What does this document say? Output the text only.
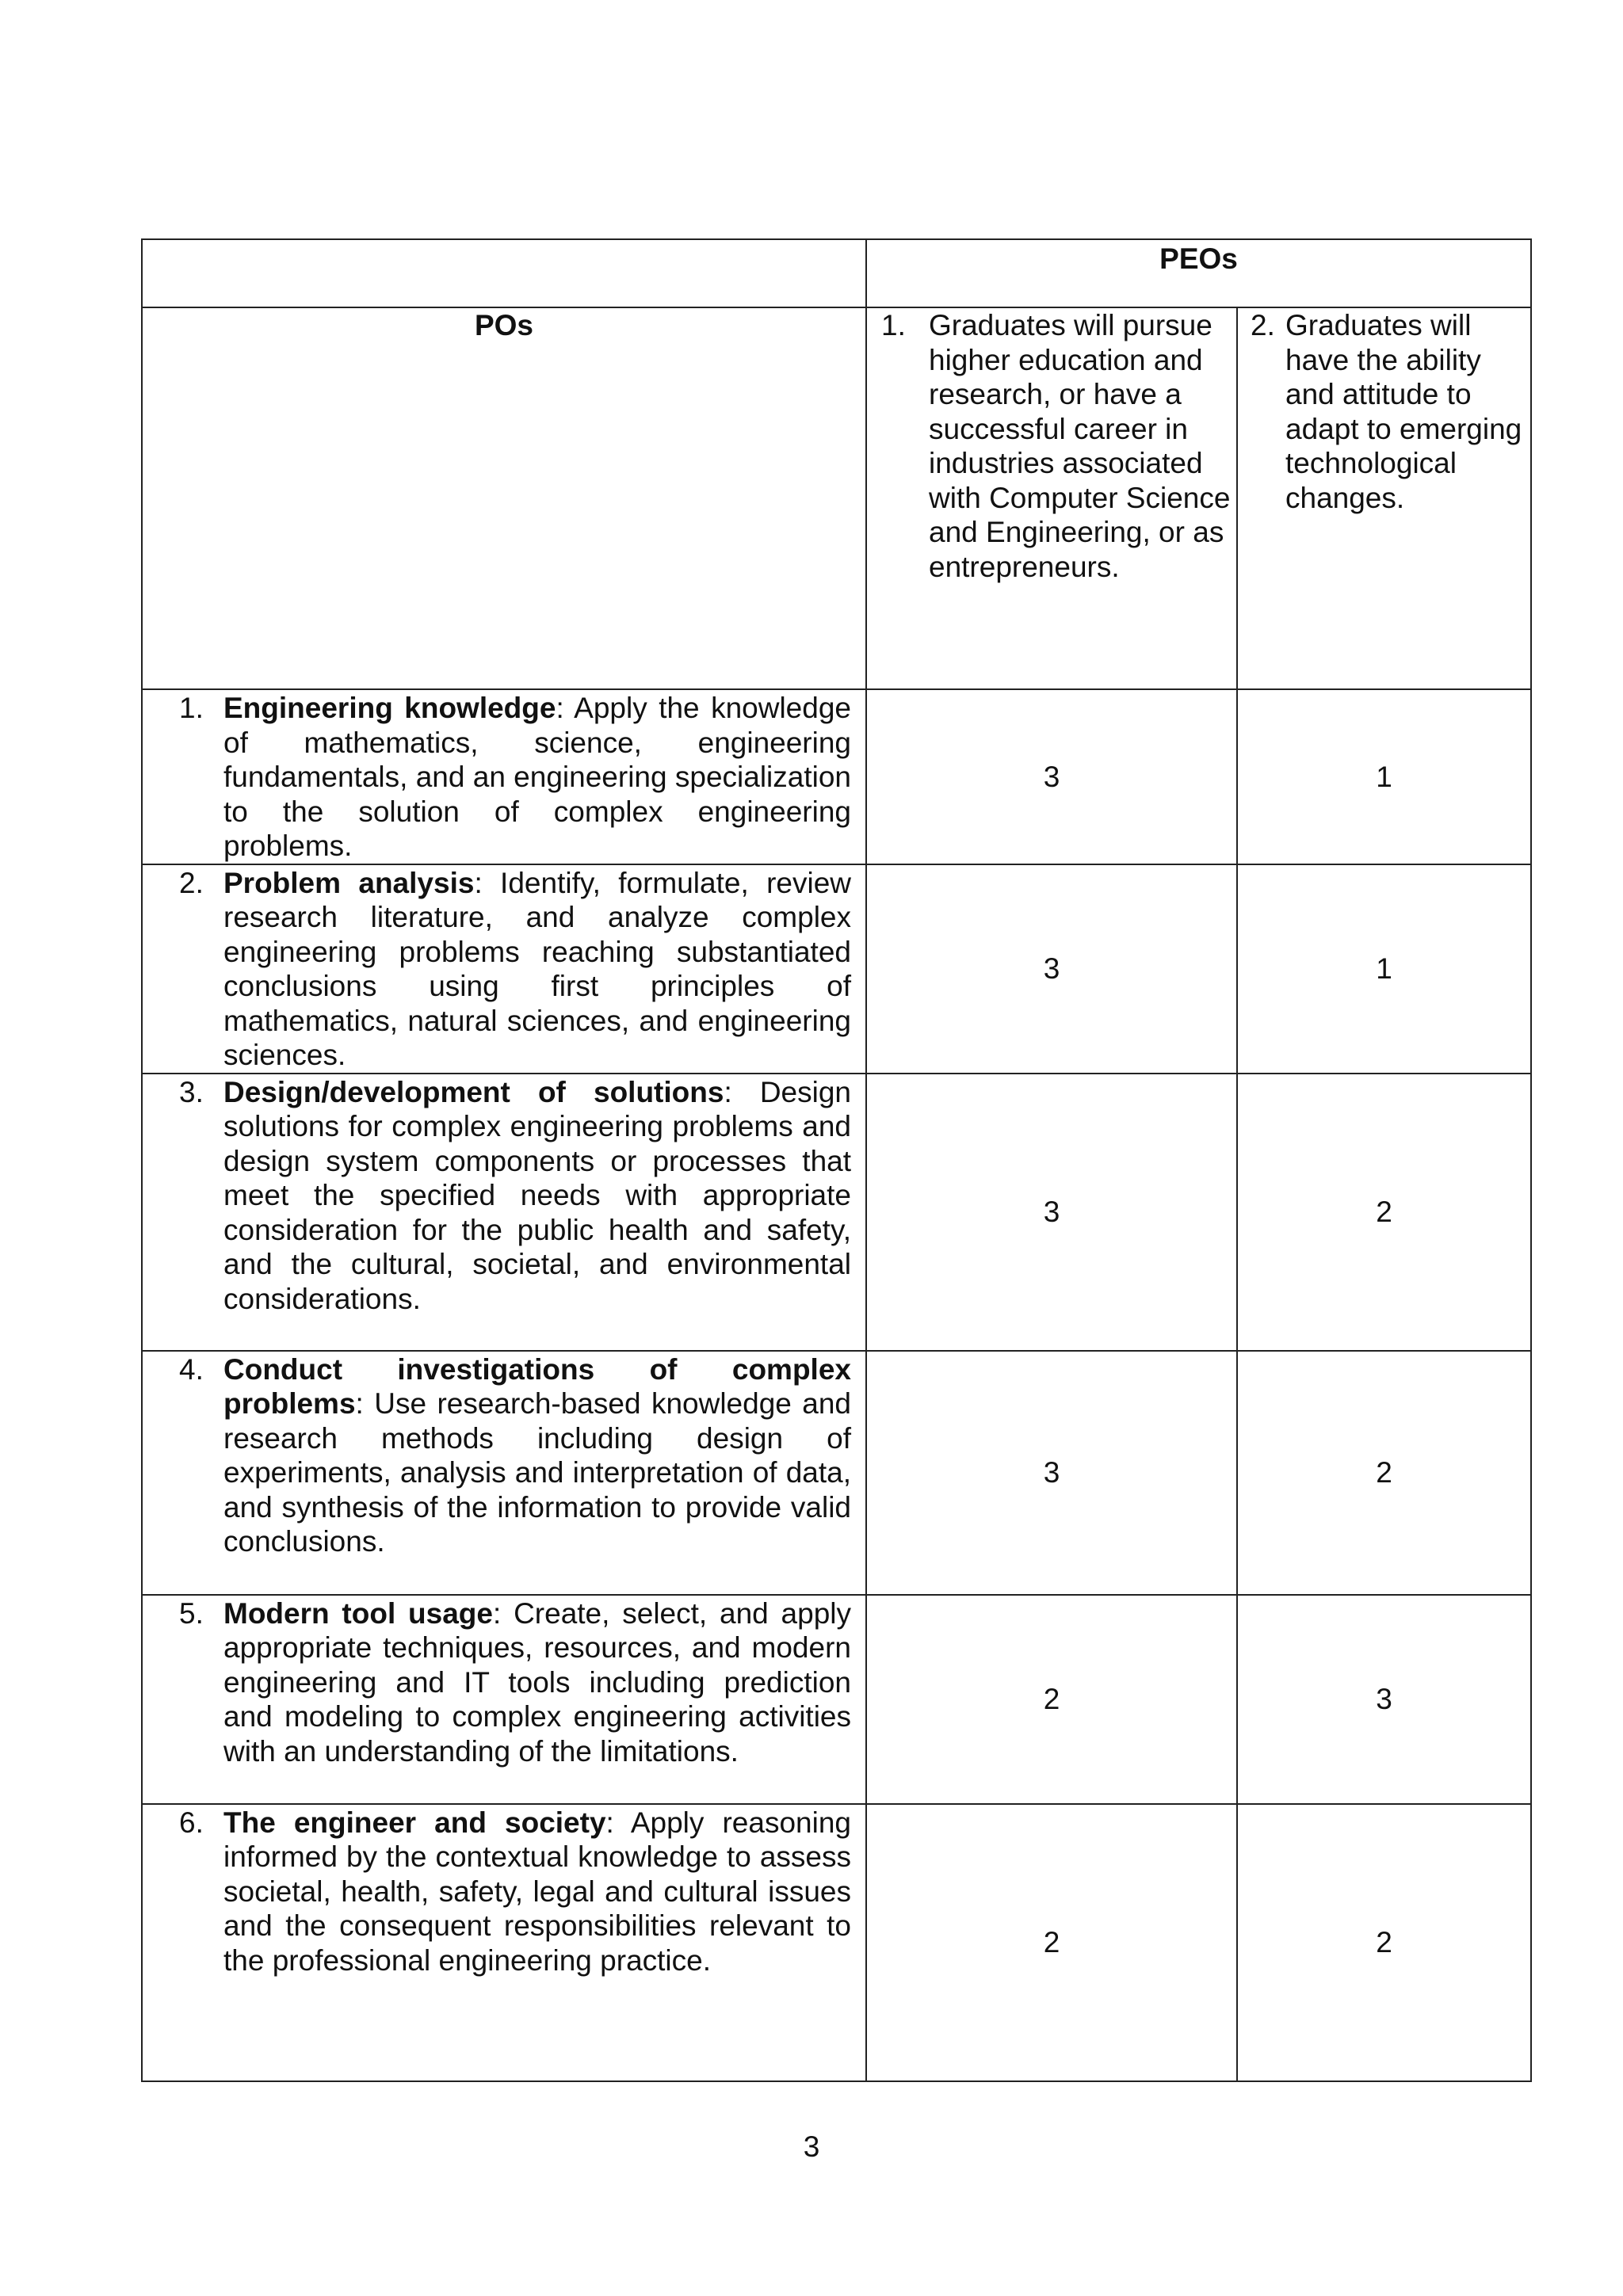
	PEOs	

POs	1. Graduates will pursue higher education and research, or have a successful career in industries associated with Computer Science and Engineering, or as entrepreneurs.	2. Graduates will have the ability and attitude to adapt to emerging technological changes.

1. Engineering knowledge: Apply the knowledge of mathematics, science, engineering fundamentals, and an engineering specialization to the solution of complex engineering problems.	3	1

2. Problem analysis: Identify, formulate, review research literature, and analyze complex engineering problems reaching substantiated conclusions using first principles of mathematics, natural sciences, and engineering sciences.	3	1

3. Design/development of solutions: Design solutions for complex engineering problems and design system components or processes that meet the specified needs with appropriate consideration for the public health and safety, and the cultural, societal, and environmental considerations.	3	2

4. Conduct investigations of complex problems: Use research-based knowledge and research methods including design of experiments, analysis and interpretation of data, and synthesis of the information to provide valid conclusions.	3	2

5. Modern tool usage: Create, select, and apply appropriate techniques, resources, and modern engineering and IT tools including prediction and modeling to complex engineering activities with an understanding of the limitations.	2	3

6. The engineer and society: Apply reasoning informed by the contextual knowledge to assess societal, health, safety, legal and cultural issues and the consequent responsibilities relevant to the professional engineering practice.	2	2
3
